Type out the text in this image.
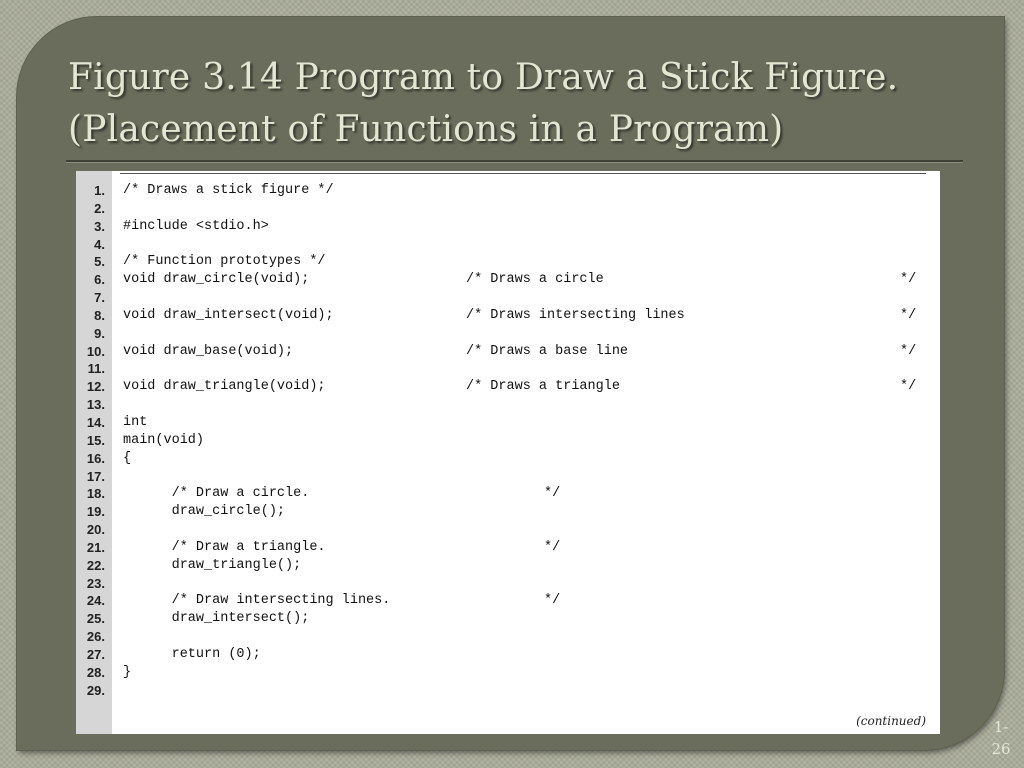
Figure 3.14 Program to Draw a Stick Figure.
(Placement of Functions in a Program)
1. /* Draws a stick figure */
2.
3. #include <stdio.h>
4.
5. /* Function prototypes */
6. void draw_circle(void);	/* Draws a circle	*/
7.
8. void draw_intersect(void);	/* Draws intersecting lines	*/
9.
10. void draw_base(void);	/* Draws a base line	*/
11.
12. void draw_triangle(void);	/* Draws a triangle	*/
13.
14. int
15. main(void)
16. {
17.
18. /* Draw a circle.	*/
19. draw_circle();
20.
21. /* Draw a triangle.	*/
22. draw_triangle();
23.
24. /* Draw intersecting lines.	*/
25. draw_intersect();
26.
27. return (0);
28. }
29.
(continued)	1-26
